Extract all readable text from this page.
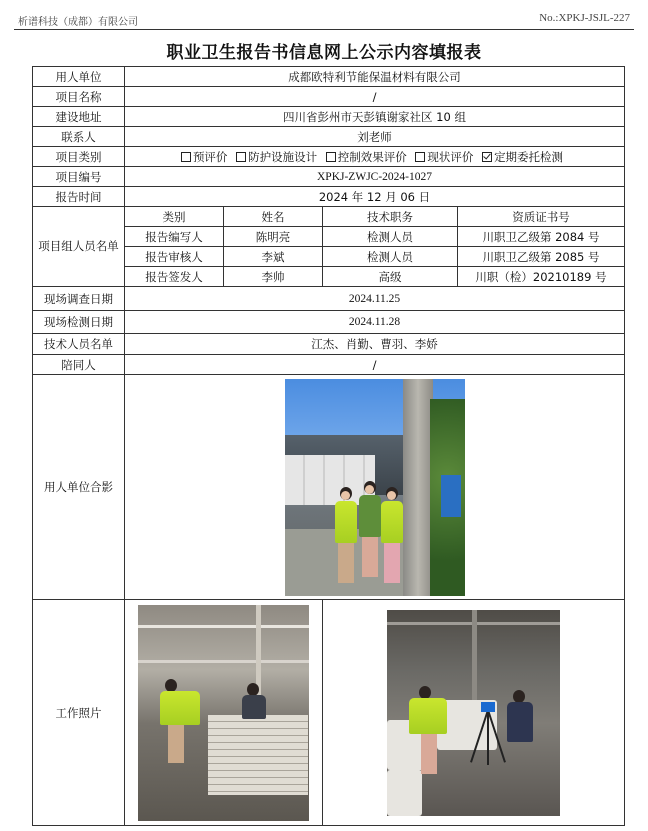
析谱科技（成都）有限公司	No.:XPKJ-JSJL-227
职业卫生报告书信息网上公示内容填报表
用人单位	成都欧特利节能保温材料有限公司			
项目名称	/			
建设地址	四川省彭州市天彭镇谢家社区 10 组			
联系人	刘老师			
项目类别	预评价 防护设施设计 控制效果评价 现状评价 定期委托检测			
项目编号	XPKJ-ZWJC-2024-1027			
报告时间	2024 年 12 月 06 日			
项目组人员名单	类别	姓名	技术职务	资质证书号
	报告编写人	陈明亮	检测人员	川职卫乙级第 2084 号
	报告审核人	李斌	检测人员	川职卫乙级第 2085 号
	报告签发人	李帅	高级	川职（检）20210189 号
现场调查日期	2024.11.25			
现场检测日期	2024.11.28			
技术人员名单	江杰、肖勤、曹羽、李娇			
陪同人	/			
用人单位合影				

工作照片			
